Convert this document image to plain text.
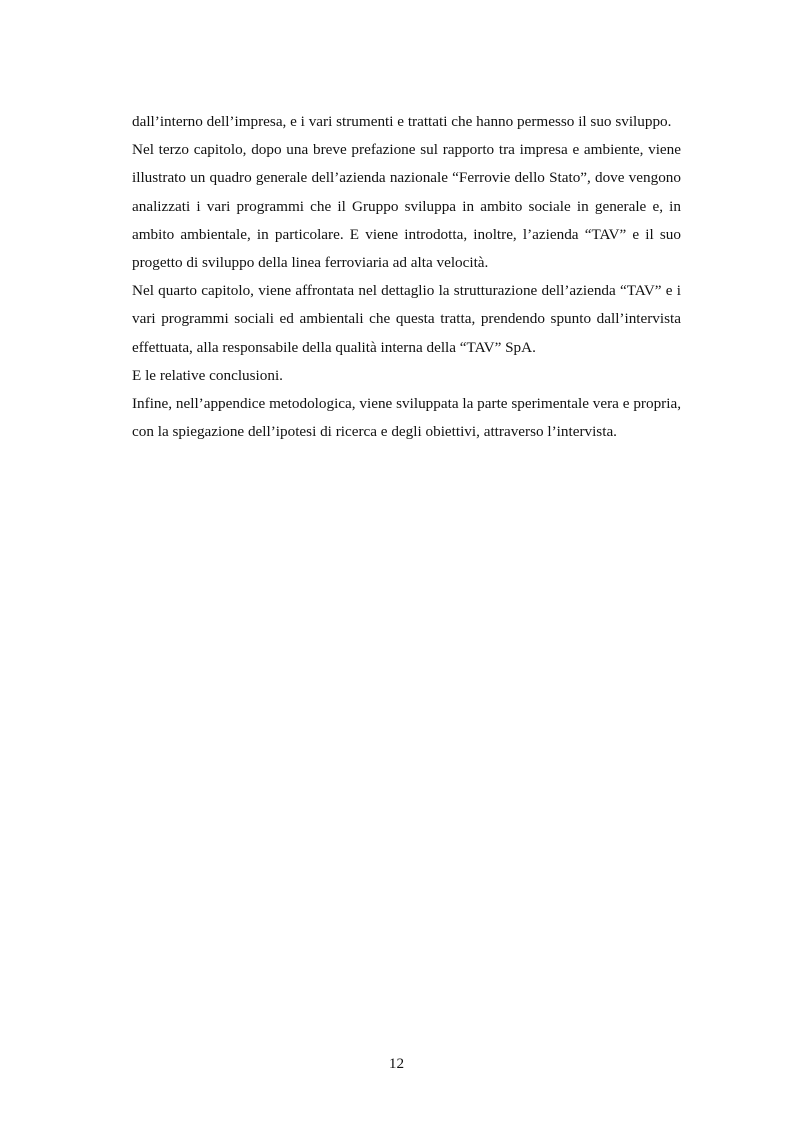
dall’interno dell’impresa, e i vari strumenti e trattati che hanno permesso il suo sviluppo.

Nel terzo capitolo, dopo una breve prefazione sul rapporto tra impresa e ambiente, viene illustrato un quadro generale dell’azienda nazionale “Ferrovie dello Stato”, dove vengono analizzati i vari programmi che il Gruppo sviluppa in ambito sociale in generale e, in ambito ambientale, in particolare. E viene introdotta, inoltre, l’azienda “TAV” e il suo progetto di sviluppo della linea ferroviaria ad alta velocità.

Nel quarto capitolo, viene affrontata nel dettaglio la strutturazione dell’azienda “TAV” e i vari programmi sociali ed ambientali che questa tratta, prendendo spunto dall’intervista effettuata, alla responsabile della qualità interna della “TAV” SpA.

E le relative conclusioni.

Infine, nell’appendice metodologica, viene sviluppata la parte sperimentale vera e propria, con la spiegazione dell’ipotesi di ricerca e degli obiettivi, attraverso l’intervista.

12
